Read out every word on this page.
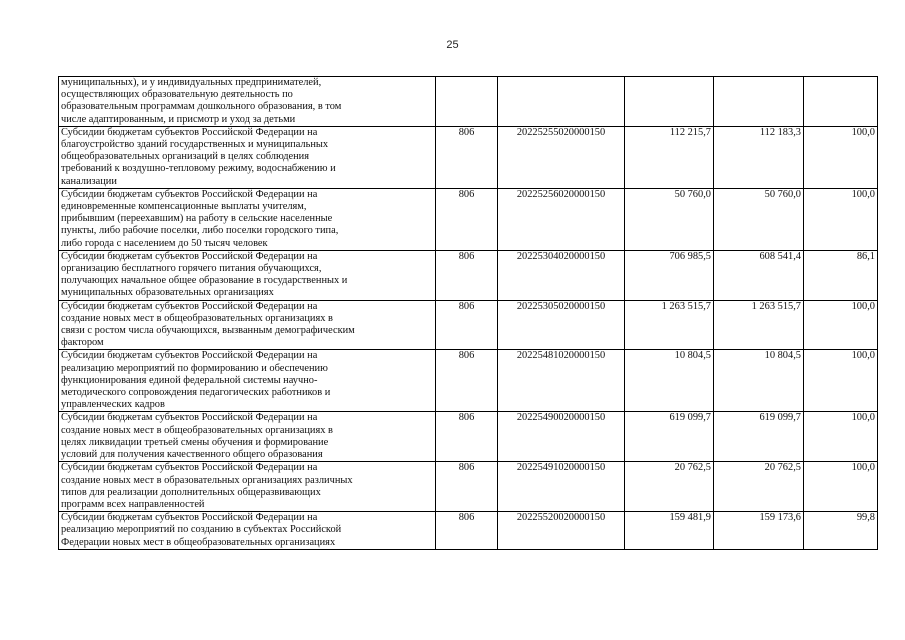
25
муниципальных), и у индивидуальных предпринимателей,
осуществляющих образовательную деятельность по
образовательным программам дошкольного образования, в том
числе адаптированным, и присмотр и уход за детьми					

Субсидии бюджетам субъектов Российской Федерации на
благоустройство зданий государственных и муниципальных
общеобразовательных организаций в целях соблюдения
требований к воздушно-тепловому режиму, водоснабжению и
канализации	806	20225255020000150	112 215,7	112 183,3	100,0

Субсидии бюджетам субъектов Российской Федерации на
единовременные компенсационные выплаты учителям,
прибывшим (переехавшим) на работу в сельские населенные
пункты, либо рабочие поселки, либо поселки городского типа,
либо города с населением до 50 тысяч человек	806	20225256020000150	50 760,0	50 760,0	100,0

Субсидии бюджетам субъектов Российской Федерации на
организацию бесплатного горячего питания обучающихся,
получающих начальное общее образование в государственных и
муниципальных образовательных организациях	806	20225304020000150	706 985,5	608 541,4	86,1

Субсидии бюджетам субъектов Российской Федерации на
создание новых мест в общеобразовательных организациях в
связи с ростом числа обучающихся, вызванным демографическим
фактором	806	20225305020000150	1 263 515,7	1 263 515,7	100,0

Субсидии бюджетам субъектов Российской Федерации на
реализацию мероприятий по формированию и обеспечению
функционирования единой федеральной системы научно-
методического сопровождения педагогических работников и
управленческих кадров	806	20225481020000150	10 804,5	10 804,5	100,0

Субсидии бюджетам субъектов Российской Федерации на
создание новых мест в общеобразовательных организациях в
целях ликвидации третьей смены обучения и формирование
условий для получения качественного общего образования	806	20225490020000150	619 099,7	619 099,7	100,0

Субсидии бюджетам субъектов Российской Федерации на
создание новых мест в образовательных организациях различных
типов для реализации дополнительных общеразвивающих
программ всех направленностей	806	20225491020000150	20 762,5	20 762,5	100,0

Субсидии бюджетам субъектов Российской Федерации на
реализацию мероприятий по созданию в субъектах Российской
Федерации новых мест в общеобразовательных организациях	806	20225520020000150	159 481,9	159 173,6	99,8
